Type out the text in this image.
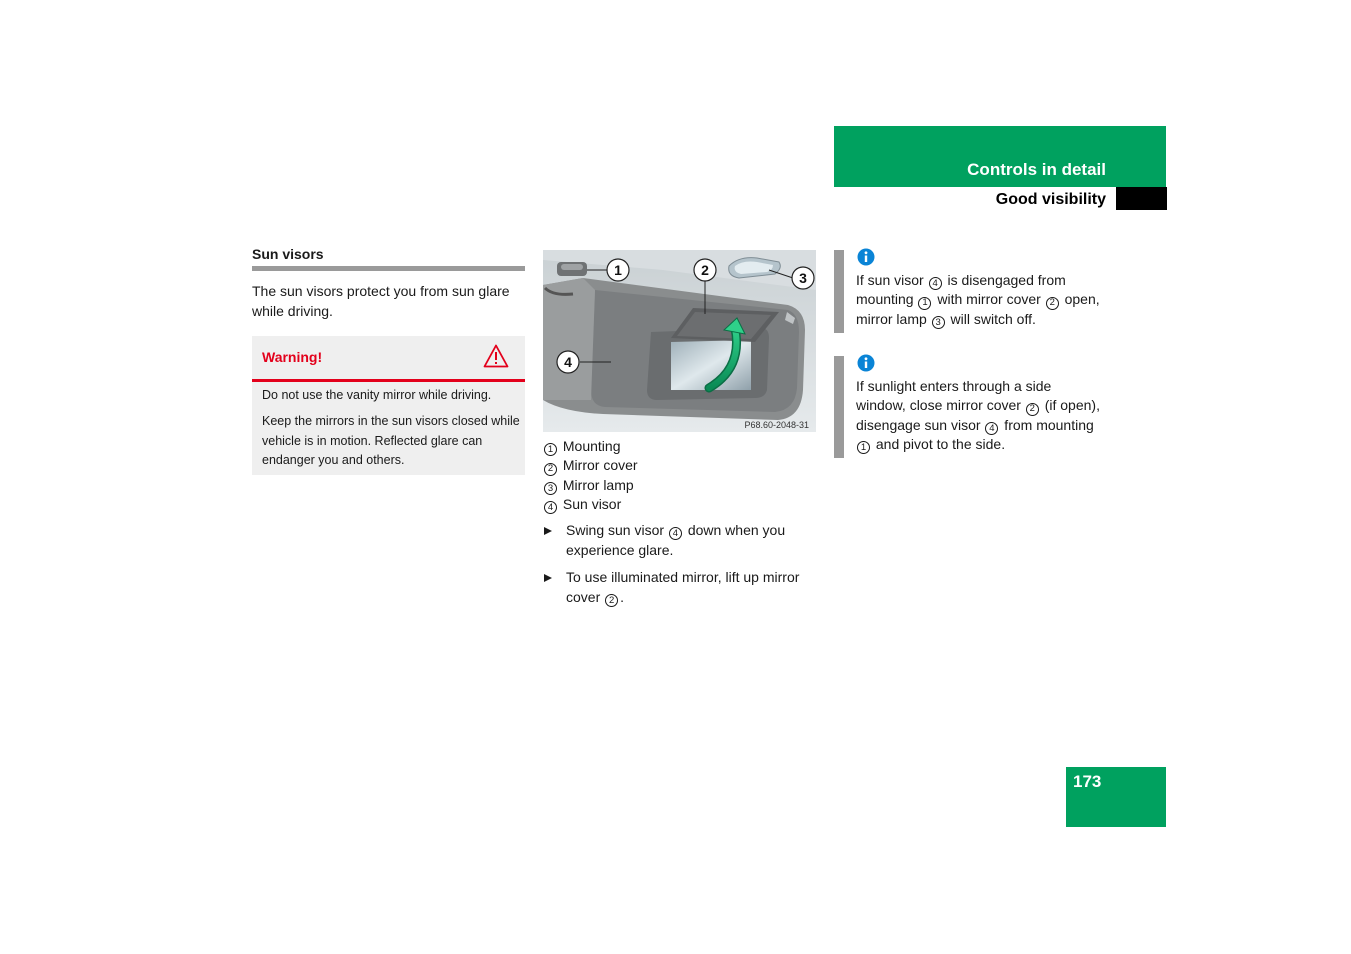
Controls in detail
Good visibility
Sun visors
The sun visors protect you from sun glare while driving.
Warning!
Do not use the vanity mirror while driving.
Keep the mirrors in the sun visors closed while vehicle is in motion. Reflected glare can endanger you and others.
1	2	3
4
P68.60-2048-31
1 Mounting
2 Mirror cover
3 Mirror lamp
4 Sun visor
Swing sun visor 4 down when you experience glare.
To use illuminated mirror, lift up mirror cover 2 .
If sun visor 4 is disengaged from mounting 1 with mirror cover 2 open, mirror lamp 3 will switch off.
If sunlight enters through a side window, close mirror cover 2 (if open), disengage sun visor 4 from mounting 1 and pivot to the side.
173
